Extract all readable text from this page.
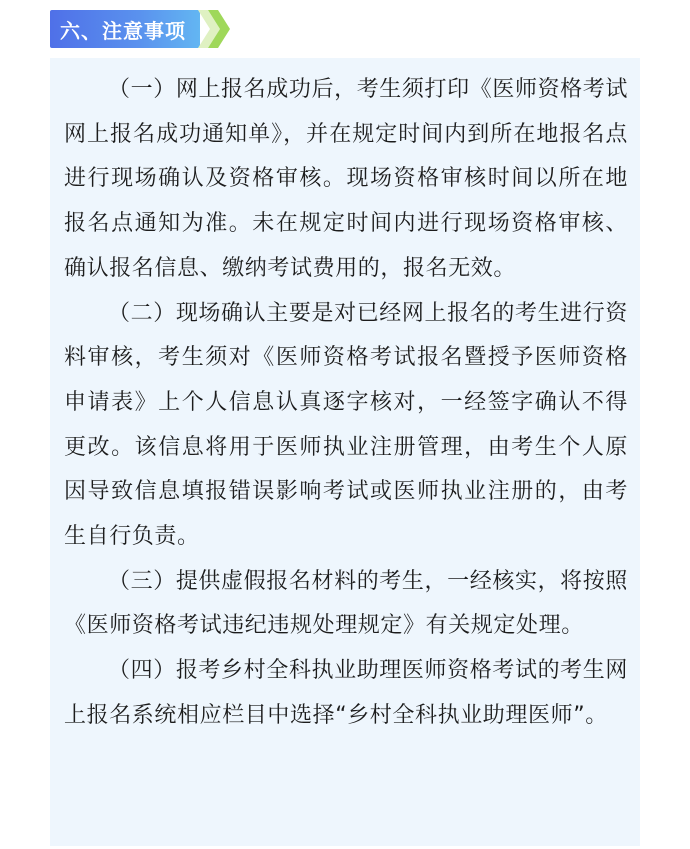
六、注意事项

（一）网上报名成功后，考生须打印《医师资格考试网上报名成功通知单》，并在规定时间内到所在地报名点进行现场确认及资格审核。现场资格审核时间以所在地报名点通知为准。未在规定时间内进行现场资格审核、确认报名信息、缴纳考试费用的，报名无效。

（二）现场确认主要是对已经网上报名的考生进行资料审核，考生须对《医师资格考试报名暨授予医师资格申请表》上个人信息认真逐字核对，一经签字确认不得更改。该信息将用于医师执业注册管理，由考生个人原因导致信息填报错误影响考试或医师执业注册的，由考生自行负责。

（三）提供虚假报名材料的考生，一经核实，将按照《医师资格考试违纪违规处理规定》有关规定处理。

（四）报考乡村全科执业助理医师资格考试的考生网上报名系统相应栏目中选择“乡村全科执业助理医师”。
